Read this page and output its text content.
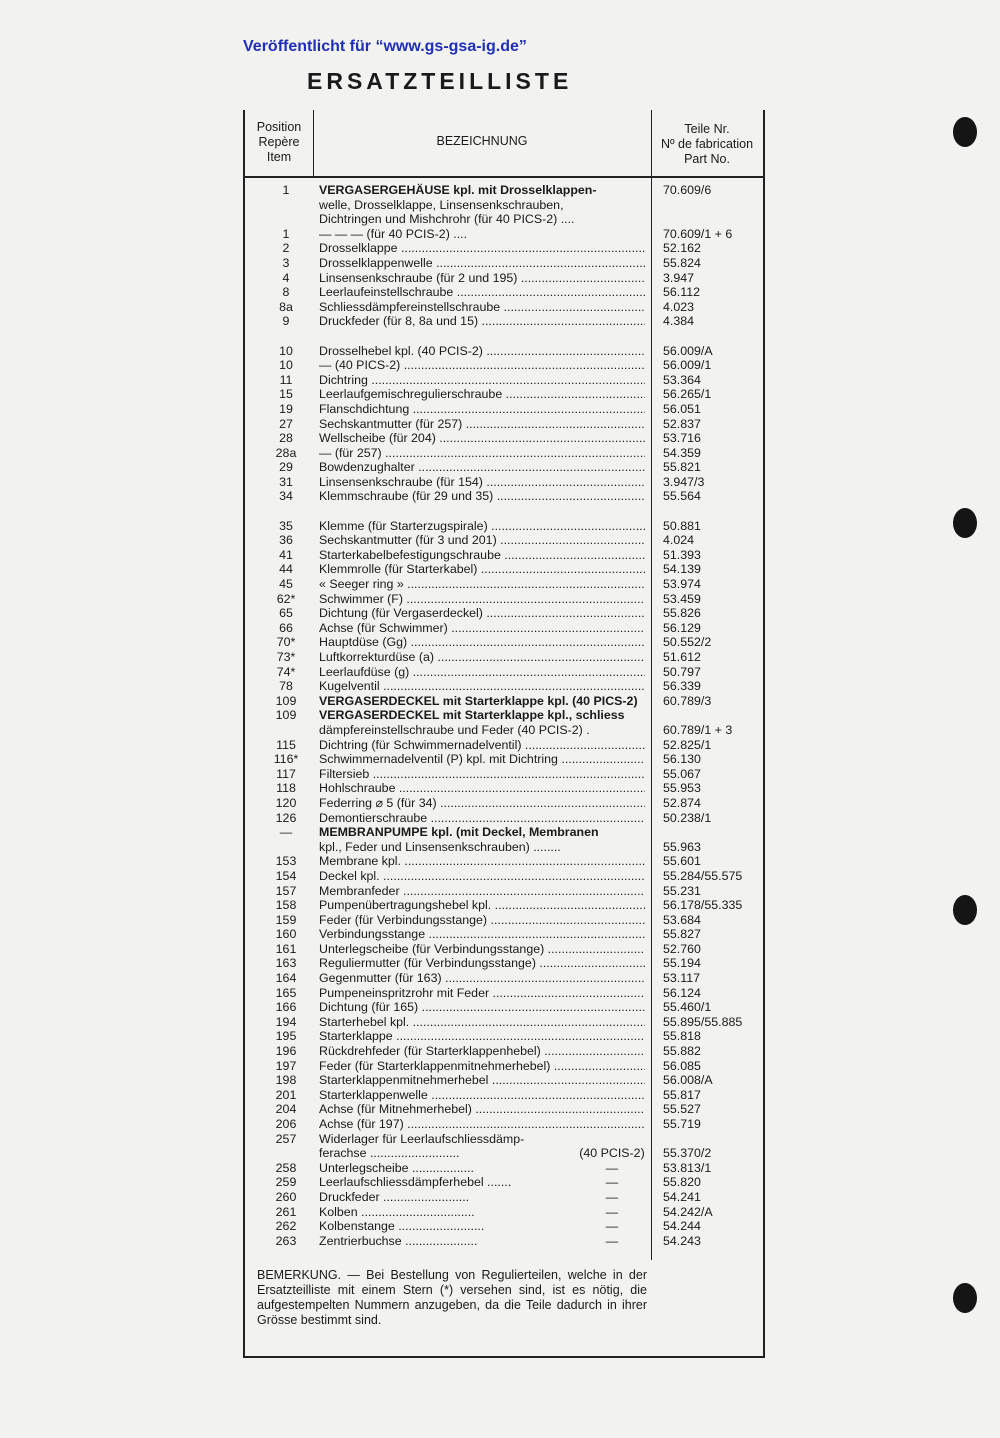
Veröffentlicht für “www.gs-gsa-ig.de”
ERSATZTEILLISTE
Position
Repère
Item
BEZEICHNUNG
Teile Nr.
Nº de fabrication
Part No.
1	VERGASERGEHÄUSE kpl. mit Drosselklappen-	70.609/6
welle, Drosselklappe, Linsensenkschrauben,
Dichtringen und Mishchrohr (für 40 PICS-2) ....
1	— — — (für 40 PCIS-2) ....	70.609/1 + 6
2	Drosselklappe .....	52.162
3	Drosselklappenwelle .....	55.824
4	Linsensenkschraube (für 2 und 195) .....	3.947
8	Leerlaufeinstellschraube .....	56.112
8a	Schliessdämpfereinstellschraube .....	4.023
9	Druckfeder (für 8, 8a und 15) .....	4.384
10	Drosselhebel kpl. (40 PCIS-2) .....	56.009/A
10	— (40 PICS-2) .....	56.009/1
11	Dichtring .....	53.364
15	Leerlaufgemischregulierschraube .....	56.265/1
19	Flanschdichtung .....	56.051
27	Sechskantmutter (für 257) .....	52.837
28	Wellscheibe (für 204) .....	53.716
28a	— (für 257) .....	54.359
29	Bowdenzughalter .....	55.821
31	Linsensenkschraube (für 154) .....	3.947/3
34	Klemmschraube (für 29 und 35) .....	55.564
35	Klemme (für Starterzugspirale) .....	50.881
36	Sechskantmutter (für 3 und 201) .....	4.024
41	Starterkabelbefestigungschraube .....	51.393
44	Klemmrolle (für Starterkabel) .....	54.139
45	« Seeger ring » .....	53.974
62*	Schwimmer (F) .....	53.459
65	Dichtung (für Vergaserdeckel) .....	55.826
66	Achse (für Schwimmer) .....	56.129
70*	Hauptdüse (Gg) .....	50.552/2
73*	Luftkorrekturdüse (a) .....	51.612
74*	Leerlaufdüse (g) .....	50.797
78	Kugelventil .....	56.339
109	VERGASERDECKEL mit Starterklappe kpl. (40 PICS-2)	60.789/3
109	VERGASERDECKEL mit Starterklappe kpl., schliess
dämpfereinstellschraube und Feder (40 PCIS-2) .	60.789/1 + 3
115	Dichtring (für Schwimmernadelventil) .....	52.825/1
116*	Schwimmernadelventil (P) kpl. mit Dichtring .....	56.130
117	Filtersieb .....	55.067
118	Hohlschraube .....	55.953
120	Federring ⌀ 5 (für 34) .....	52.874
126	Demontierschraube .....	50.238/1
—	MEMBRANPUMPE kpl. (mit Deckel, Membranen
kpl., Feder und Linsensenkschrauben) ........	55.963
153	Membrane kpl. .....	55.601
154	Deckel kpl. .....	55.284/55.575
157	Membranfeder .....	55.231
158	Pumpenübertragungshebel kpl. .....	56.178/55.335
159	Feder (für Verbindungsstange) .....	53.684
160	Verbindungsstange .....	55.827
161	Unterlegscheibe (für Verbindungsstange) .....	52.760
163	Reguliermutter (für Verbindungsstange) .....	55.194
164	Gegenmutter (für 163) .....	53.117
165	Pumpeneinspritzrohr mit Feder .....	56.124
166	Dichtung (für 165) .....	55.460/1
194	Starterhebel kpl. .....	55.895/55.885
195	Starterklappe .....	55.818
196	Rückdrehfeder (für Starterklappenhebel) .....	55.882
197	Feder (für Starterklappenmitnehmerhebel) .....	56.085
198	Starterklappenmitnehmerhebel .....	56.008/A
201	Starterklappenwelle .....	55.817
204	Achse (für Mitnehmerhebel) .....	55.527
206	Achse (für 197) .....	55.719
257	Widerlager für Leerlaufschliessdämp-
ferachse ..........................	(40 PCIS-2) 55.370/2
258	Unterlegscheibe ..................	—	53.813/1
259	Leerlaufschliessdämpferhebel .......	—	55.820
260	Druckfeder .........................	—	54.241
261	Kolben .................................	—	54.242/A
262	Kolbenstange .........................	—	54.244
263	Zentrierbuchse .....................	—	54.243
BEMERKUNG. — Bei Bestellung von Regulierteilen, welche in der Ersatzteilliste mit einem Stern (*) versehen sind, ist es nötig, die aufgestempelten Nummern anzugeben, da die Teile dadurch in ihrer Grösse bestimmt sind.
